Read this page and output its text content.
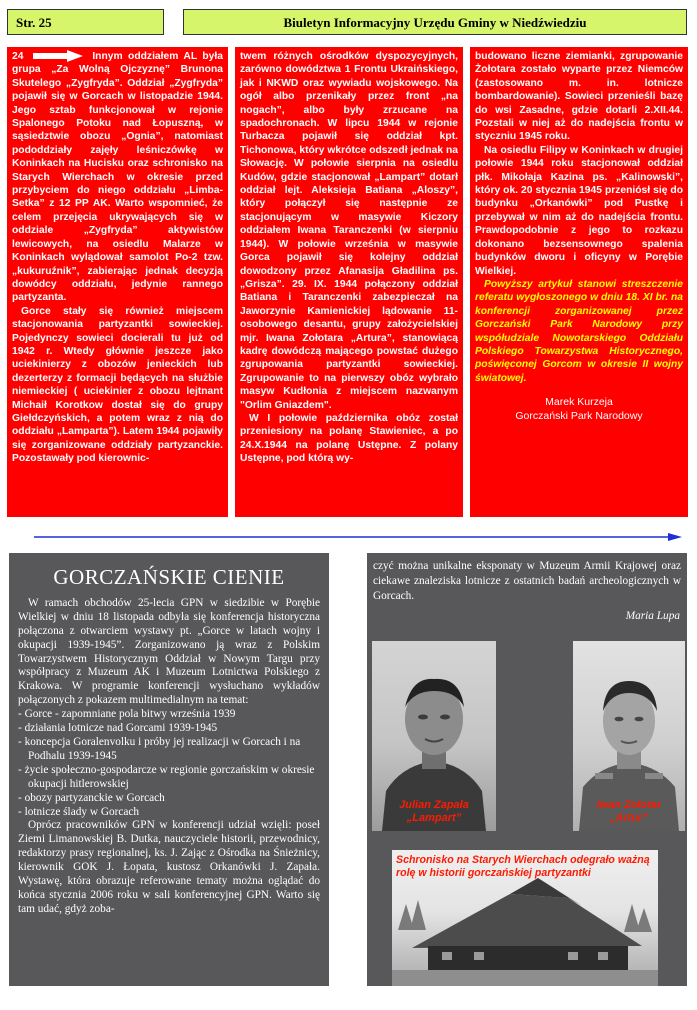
Str. 25	Biuletyn Informacyjny Urzędu Gminy w Niedźwiedziu

24	Innym oddziałem AL była grupa „Za Wolną Ojczyznę” Brunona Skutelego „Zygfryda”. Oddział „Zygfryda” pojawił się w Gorcach w listopadzie 1944. Jego sztab funkcjonował w rejonie Spalonego Potoku nad Łopuszną, w sąsiedztwie obozu „Ognia”, natomiast pododdziały zajęły leśniczówkę w Koninkach na Hucisku oraz schronisko na Starych Wierchach w okresie przed przybyciem do niego oddziału „Limba-Setka” z 12 PP AK. Warto wspomnieć, że celem przejęcia ukrywających się w oddziale „Zygfryda” aktywistów lewicowych, na osiedlu Malarze w Koninkach wylądował samolot Po-2 tzw. „kukuruźnik”, zabierając jednak decyzją dowódcy oddziału, jedynie rannego partyzanta.

Gorce stały się również miejscem stacjonowania partyzantki sowieckiej. Pojedynczy sowieci docierali tu już od 1942 r. Wtedy głównie jeszcze jako uciekinierzy z obozów jenieckich lub dezerterzy z formacji będących na służbie niemieckiej ( uciekinier z obozu lejtnant Michaił Korotkow dostał się do grupy Giełdczyńskich, a potem wraz z nią do oddziału „Lamparta”). Latem 1944 pojawiły się zorganizowane oddziały partyzanckie. Pozostawały pod kierownic-

twem różnych ośrodków dyspozycyjnych, zarówno dowództwa 1 Frontu Ukraińskiego, jak i NKWD oraz wywiadu wojskowego. Na ogół albo przenikały przez front „na nogach”, albo były zrzucane na spadochronach. W lipcu 1944 w rejonie Turbacza pojawił się oddział kpt. Tichonowa, który wkrótce odszedł jednak na Słowację. W połowie sierpnia na osiedlu Kudów, gdzie stacjonował „Lampart” dotarł oddział lejt. Aleksieja Batiana „Aloszy”, który połączył się następnie ze stacjonującym w masywie Kiczory oddziałem Iwana Taranczenki (w sierpniu 1944). W połowie września w masywie Gorca pojawił się kolejny oddział dowodzony przez Afanasija Gładilina ps. „Grisza”. 29. IX. 1944 połączony oddział Batiana i Taranczenki zabezpieczał na Jaworzynie Kamienickiej lądowanie 11-osobowego desantu, grupy założycielskiej mjr. Iwana Zołotara „Artura”, stanowiącą kadrę dowódczą mającego powstać dużego zgrupowania partyzantki sowieckiej. Zgrupowanie to na pierwszy obóz wybrało masyw Kudłonia z miejscem nazwanym "Orlim Gniazdem".

W I połowie października obóz został przeniesiony na polanę Stawieniec, a po 24.X.1944 na polanę Ustępne. Z polany Ustępne, pod którą wy-

budowano liczne ziemianki, zgrupowanie Żołotara zostało wyparte przez Niemców (zastosowano m. in. lotnicze bombardowanie). Sowieci przenieśli bazę do wsi Zasadne, gdzie dotarli 2.XII.44. Pozstali w niej aż do nadejścia frontu w styczniu 1945 roku.

Na osiedlu Filipy w Koninkach w drugiej połowie 1944 roku stacjonował oddział płk. Mikołaja Kazina ps. „Kalinowski”, który ok. 20 stycznia 1945 przeniósł się do budynku „Orkanówki” pod Pustkę i przebywał w nim aż do nadejścia frontu. Prawdopodobnie z jego to rozkazu dokonano bezsensownego spalenia budynków dworu i oficyny w Porębie Wielkiej.

Powyższy artykuł stanowi streszczenie referatu wygłoszonego w dniu 18. XI br. na konferencji zorganizowanej przez Gorczański Park Narodowy przy współudziale Nowotarskiego Oddziału Polskiego Towarzystwa Historycznego, poświęconej Gorcom w okresie II wojny światowej.

Marek Kurzeja
Gorczański Park Narodowy

GORCZAŃSKIE CIENIE

W ramach obchodów 25-lecia GPN w siedzibie w Porębie Wielkiej w dniu 18 listopada odbyła się konferencja historyczna połączona z otwarciem wystawy pt. „Gorce w latach wojny i okupacji 1939-1945”. Zorganizowano ją wraz z Polskim Towarzystwem Historycznym Oddział w Nowym Targu przy współpracy z Muzeum AK i Muzeum Lotnictwa Polskiego z Krakowa. W programie konferencji wysłuchano wykładów połączonych z pokazem multimedialnym na temat:

- Gorce - zapomniane pola bitwy września 1939
- działania lotnicze nad Gorcami 1939-1945
- koncepcja Goralenvolku i próby jej realizacji w Gorcach i na Podhalu 1939-1945
- życie społeczno-gospodarcze w regionie gorczańskim w okresie okupacji hitlerowskiej
- obozy partyzanckie w Gorcach
- lotnicze ślady w Gorcach

Oprócz pracowników GPN w konferencji udział wzięli: poseł Ziemi Limanowskiej B. Dutka, nauczyciele historii, przewodnicy, redaktorzy prasy regionalnej, ks. J. Zając z Ośrodka na Śnieżnicy, kierownik GOK J. Łopata, kustosz Orkanówki J. Zapała. Wystawę, która obrazuje referowane tematy można oglądać do końca stycznia 2006 roku w sali konferencyjnej GPN. Warto się tam udać, gdyż zoba-

czyć można unikalne eksponaty w Muzeum Armii Krajowej oraz ciekawe znaleziska lotnicze z ostatnich badań archeologicznych w Gorcach.

Maria Lupa

Julian Zapała
„Lampart”
Iwan Zołotar
„Artur”
Schronisko na Starych Wierchach odegrało ważną rolę w historii gorczańskiej partyzantki
